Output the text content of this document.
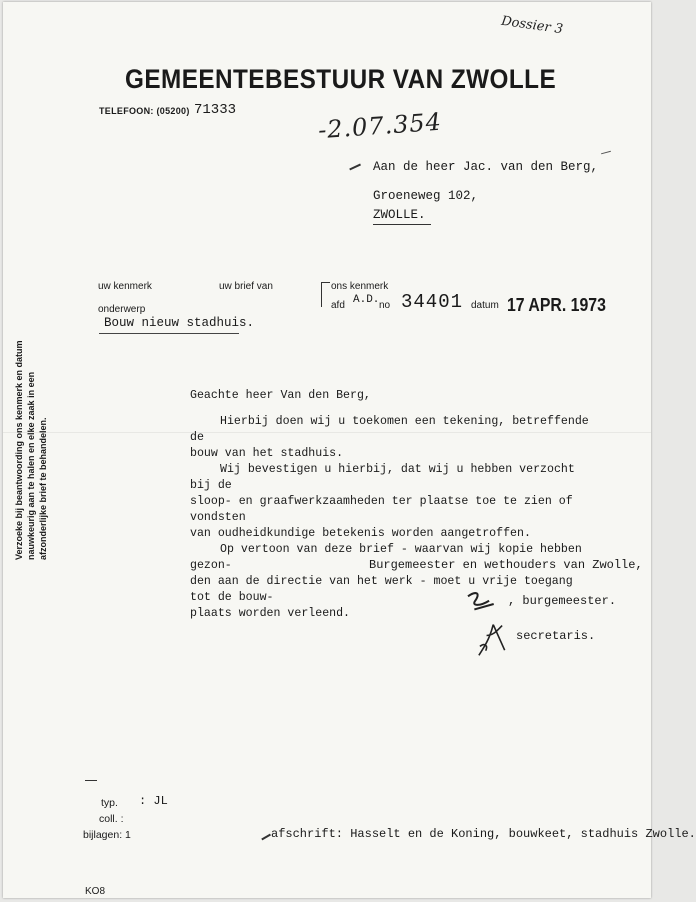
Dossier 3
GEMEENTEBESTUUR VAN ZWOLLE
TELEFOON: (05200) 71333	-2.07.354
Aan de heer Jac. van den Berg,
Groeneweg 102,
ZWOLLE.
uw kenmerk	uw brief van	ons kenmerk
onderwerp	afd A.D. no 34401 datum 17 APR. 1973
Bouw nieuw stadhuis.
Verzoeke bij beantwoording ons kenmerk en datum nauwkeurig aan te halen en elke zaak in een afzonderlijke brief te behandelen.
Geachte heer Van den Berg,

Hierbij doen wij u toekomen een tekening, betreffende de
bouw van het stadhuis.

Wij bevestigen u hierbij, dat wij u hebben verzocht bij de
sloop- en graafwerkzaamheden ter plaatse toe te zien of vondsten
van oudheidkundige betekenis worden aangetroffen.

Op vertoon van deze brief - waarvan wij kopie hebben gezon-
den aan de directie van het werk - moet u vrije toegang tot de bouw-
plaats worden verleend.

Burgemeester en wethouders van Zwolle,
, burgemeester.
secretaris.
typ. : JL
coll. :
bijlagen: 1	afschrift: Hasselt en de Koning, bouwkeet, stadhuis Zwolle.
KO8
